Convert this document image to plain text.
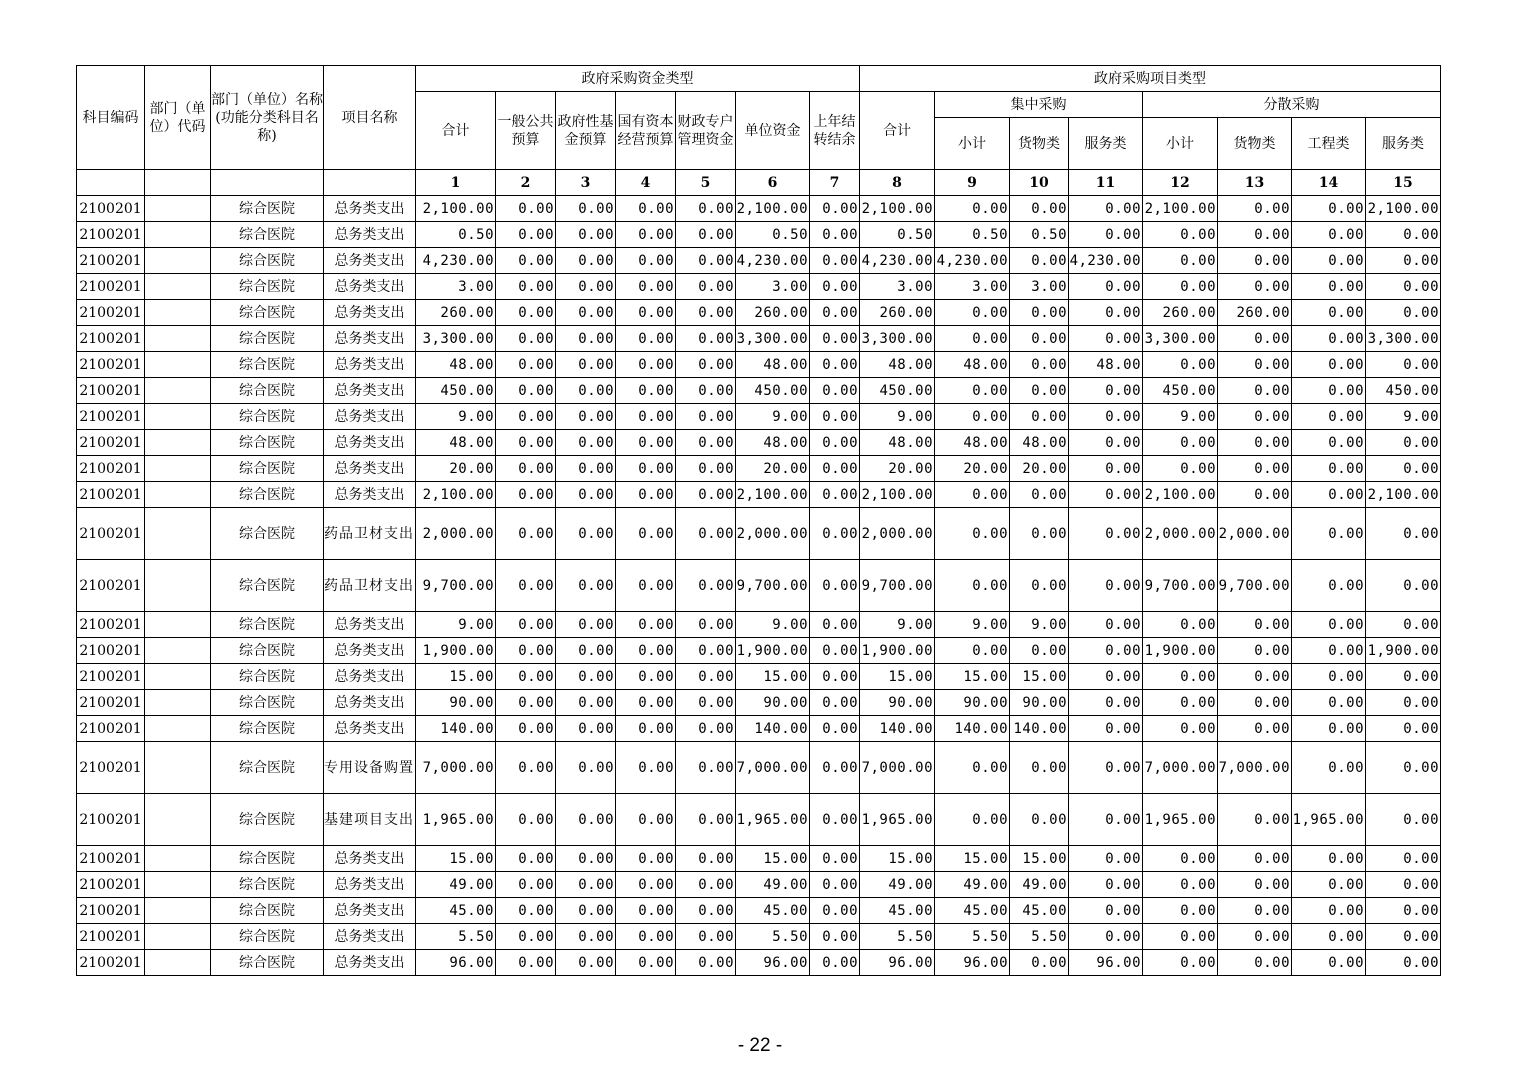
科目编码	部门（单位）代码	部门（单位）名称(功能分类科目名称)	项目名称	政府采购资金类型							政府采购项目类型							
				合计	一般公共预算	政府性基金预算	国有资本经营预算	财政专户管理资金	单位资金	上年结转结余	合计	集中采购			分散采购			
												小计	货物类	服务类	小计	货物类	工程类	服务类
				1	2	3	4	5	6	7	8	9	10	11	12	13	14	15
2100201		综合医院	总务类支出	2,100.00	0.00	0.00	0.00	0.00	2,100.00	0.00	2,100.00	0.00	0.00	0.00	2,100.00	0.00	0.00	2,100.00
2100201		综合医院	总务类支出	0.50	0.00	0.00	0.00	0.00	0.50	0.00	0.50	0.50	0.50	0.00	0.00	0.00	0.00	0.00
2100201		综合医院	总务类支出	4,230.00	0.00	0.00	0.00	0.00	4,230.00	0.00	4,230.00	4,230.00	0.00	4,230.00	0.00	0.00	0.00	0.00
2100201		综合医院	总务类支出	3.00	0.00	0.00	0.00	0.00	3.00	0.00	3.00	3.00	3.00	0.00	0.00	0.00	0.00	0.00
2100201		综合医院	总务类支出	260.00	0.00	0.00	0.00	0.00	260.00	0.00	260.00	0.00	0.00	0.00	260.00	260.00	0.00	0.00
2100201		综合医院	总务类支出	3,300.00	0.00	0.00	0.00	0.00	3,300.00	0.00	3,300.00	0.00	0.00	0.00	3,300.00	0.00	0.00	3,300.00
2100201		综合医院	总务类支出	48.00	0.00	0.00	0.00	0.00	48.00	0.00	48.00	48.00	0.00	48.00	0.00	0.00	0.00	0.00
2100201		综合医院	总务类支出	450.00	0.00	0.00	0.00	0.00	450.00	0.00	450.00	0.00	0.00	0.00	450.00	0.00	0.00	450.00
2100201		综合医院	总务类支出	9.00	0.00	0.00	0.00	0.00	9.00	0.00	9.00	0.00	0.00	0.00	9.00	0.00	0.00	9.00
2100201		综合医院	总务类支出	48.00	0.00	0.00	0.00	0.00	48.00	0.00	48.00	48.00	48.00	0.00	0.00	0.00	0.00	0.00
2100201		综合医院	总务类支出	20.00	0.00	0.00	0.00	0.00	20.00	0.00	20.00	20.00	20.00	0.00	0.00	0.00	0.00	0.00
2100201		综合医院	总务类支出	2,100.00	0.00	0.00	0.00	0.00	2,100.00	0.00	2,100.00	0.00	0.00	0.00	2,100.00	0.00	0.00	2,100.00
2100201		综合医院	药品卫材支出	2,000.00	0.00	0.00	0.00	0.00	2,000.00	0.00	2,000.00	0.00	0.00	0.00	2,000.00	2,000.00	0.00	0.00
2100201		综合医院	药品卫材支出	9,700.00	0.00	0.00	0.00	0.00	9,700.00	0.00	9,700.00	0.00	0.00	0.00	9,700.00	9,700.00	0.00	0.00
2100201		综合医院	总务类支出	9.00	0.00	0.00	0.00	0.00	9.00	0.00	9.00	9.00	9.00	0.00	0.00	0.00	0.00	0.00
2100201		综合医院	总务类支出	1,900.00	0.00	0.00	0.00	0.00	1,900.00	0.00	1,900.00	0.00	0.00	0.00	1,900.00	0.00	0.00	1,900.00
2100201		综合医院	总务类支出	15.00	0.00	0.00	0.00	0.00	15.00	0.00	15.00	15.00	15.00	0.00	0.00	0.00	0.00	0.00
2100201		综合医院	总务类支出	90.00	0.00	0.00	0.00	0.00	90.00	0.00	90.00	90.00	90.00	0.00	0.00	0.00	0.00	0.00
2100201		综合医院	总务类支出	140.00	0.00	0.00	0.00	0.00	140.00	0.00	140.00	140.00	140.00	0.00	0.00	0.00	0.00	0.00
2100201		综合医院	专用设备购置	7,000.00	0.00	0.00	0.00	0.00	7,000.00	0.00	7,000.00	0.00	0.00	0.00	7,000.00	7,000.00	0.00	0.00
2100201		综合医院	基建项目支出	1,965.00	0.00	0.00	0.00	0.00	1,965.00	0.00	1,965.00	0.00	0.00	0.00	1,965.00	0.00	1,965.00	0.00
2100201		综合医院	总务类支出	15.00	0.00	0.00	0.00	0.00	15.00	0.00	15.00	15.00	15.00	0.00	0.00	0.00	0.00	0.00
2100201		综合医院	总务类支出	49.00	0.00	0.00	0.00	0.00	49.00	0.00	49.00	49.00	49.00	0.00	0.00	0.00	0.00	0.00
2100201		综合医院	总务类支出	45.00	0.00	0.00	0.00	0.00	45.00	0.00	45.00	45.00	45.00	0.00	0.00	0.00	0.00	0.00
2100201		综合医院	总务类支出	5.50	0.00	0.00	0.00	0.00	5.50	0.00	5.50	5.50	5.50	0.00	0.00	0.00	0.00	0.00
2100201		综合医院	总务类支出	96.00	0.00	0.00	0.00	0.00	96.00	0.00	96.00	96.00	0.00	96.00	0.00	0.00	0.00	0.00
- 22 -
